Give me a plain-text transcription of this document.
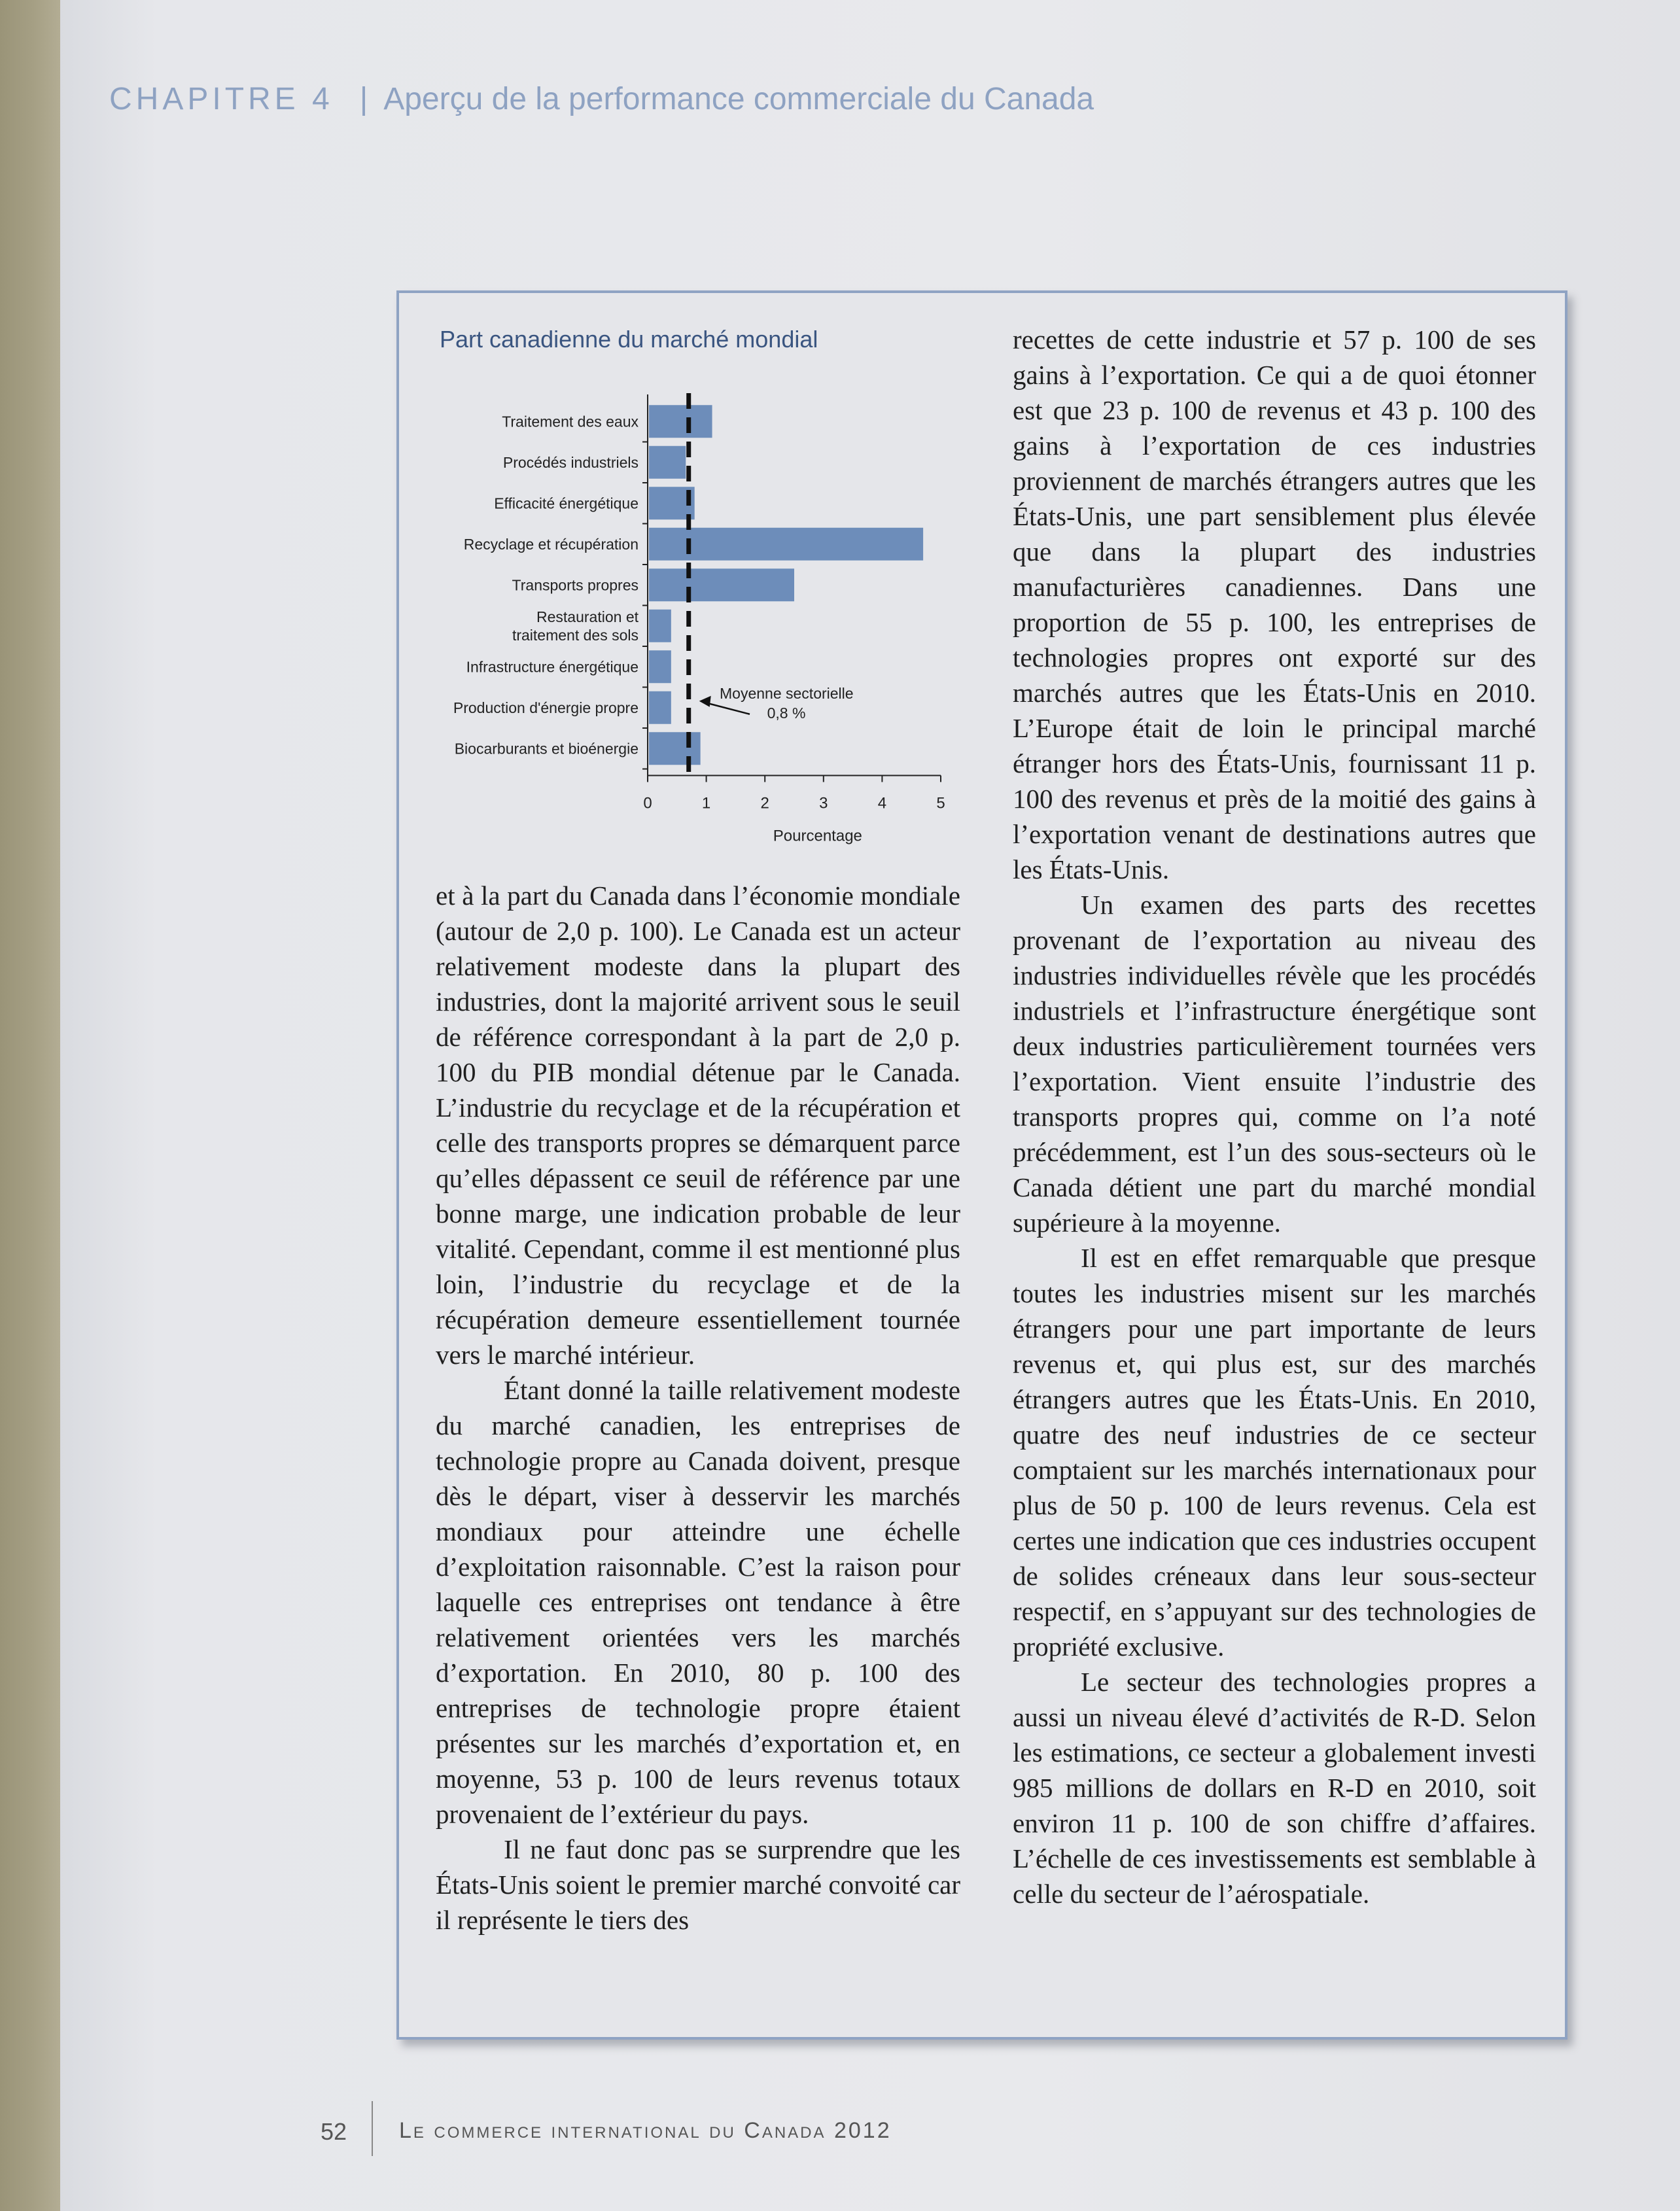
CHAPITRE 4 | Aperçu de la performance commerciale du Canada
Part canadienne du marché mondial
Traitement des eaux
Procédés industriels
Efficacité énergétique
Recyclage et récupération
Transports propres
Restauration et traitement des sols
Infrastructure énergétique
Production d'énergie propre
Biocarburants et bioénergie
0	1	2	3	4	5
Pourcentage
Moyenne sectorielle
0,8 %

et à la part du Canada dans l’économie mondiale (autour de 2,0 p. 100). Le Canada est un acteur relativement modeste dans la plupart des industries, dont la majorité arrivent sous le seuil de référence correspondant à la part de 2,0 p. 100 du PIB mondial détenue par le Canada. L’industrie du recyclage et de la récupération et celle des transports propres se démarquent parce qu’elles dépassent ce seuil de référence par une bonne marge, une indication probable de leur vitalité. Cependant, comme il est mentionné plus loin, l’industrie du recyclage et de la récupération demeure essentiellement tournée vers le marché intérieur.

Étant donné la taille relativement modeste du marché canadien, les entreprises de technologie propre au Canada doivent, presque dès le départ, viser à desservir les marchés mondiaux pour atteindre une échelle d’exploitation raisonnable. C’est la raison pour laquelle ces entreprises ont tendance à être relativement orientées vers les marchés d’exportation. En 2010, 80 p. 100 des entreprises de technologie propre étaient présentes sur les marchés d’exportation et, en moyenne, 53 p. 100 de leurs revenus totaux provenaient de l’extérieur du pays.

Il ne faut donc pas se surprendre que les États-Unis soient le premier marché convoité car il représente le tiers des

recettes de cette industrie et 57 p. 100 de ses gains à l’exportation. Ce qui a de quoi étonner est que 23 p. 100 de revenus et 43 p. 100 des gains à l’exportation de ces industries proviennent de marchés étrangers autres que les États-Unis, une part sensiblement plus élevée que dans la plupart des industries manufacturières canadiennes. Dans une proportion de 55 p. 100, les entreprises de technologies propres ont exporté sur des marchés autres que les États-Unis en 2010. L’Europe était de loin le principal marché étranger hors des États-Unis, fournissant 11 p. 100 des revenus et près de la moitié des gains à l’exportation venant de destinations autres que les États-Unis.

Un examen des parts des recettes provenant de l’exportation au niveau des industries individuelles révèle que les procédés industriels et l’infrastructure énergétique sont deux industries particulièrement tournées vers l’exportation. Vient ensuite l’industrie des transports propres qui, comme on l’a noté précédemment, est l’un des sous-secteurs où le Canada détient une part du marché mondial supérieure à la moyenne.

Il est en effet remarquable que presque toutes les industries misent sur les marchés étrangers pour une part importante de leurs revenus et, qui plus est, sur des marchés étrangers autres que les États-Unis. En 2010, quatre des neuf industries de ce secteur comptaient sur les marchés internationaux pour plus de 50 p. 100 de leurs revenus. Cela est certes une indication que ces industries occupent de solides créneaux dans leur sous-secteur respectif, en s’appuyant sur des technologies de propriété exclusive.

Le secteur des technologies propres a aussi un niveau élevé d’activités de R-D. Selon les estimations, ce secteur a globalement investi 985 millions de dollars en R-D en 2010, soit environ 11 p. 100 de son chiffre d’affaires. L’échelle de ces investissements est semblable à celle du secteur de l’aérospatiale.

52 Le commerce international du Canada 2012
